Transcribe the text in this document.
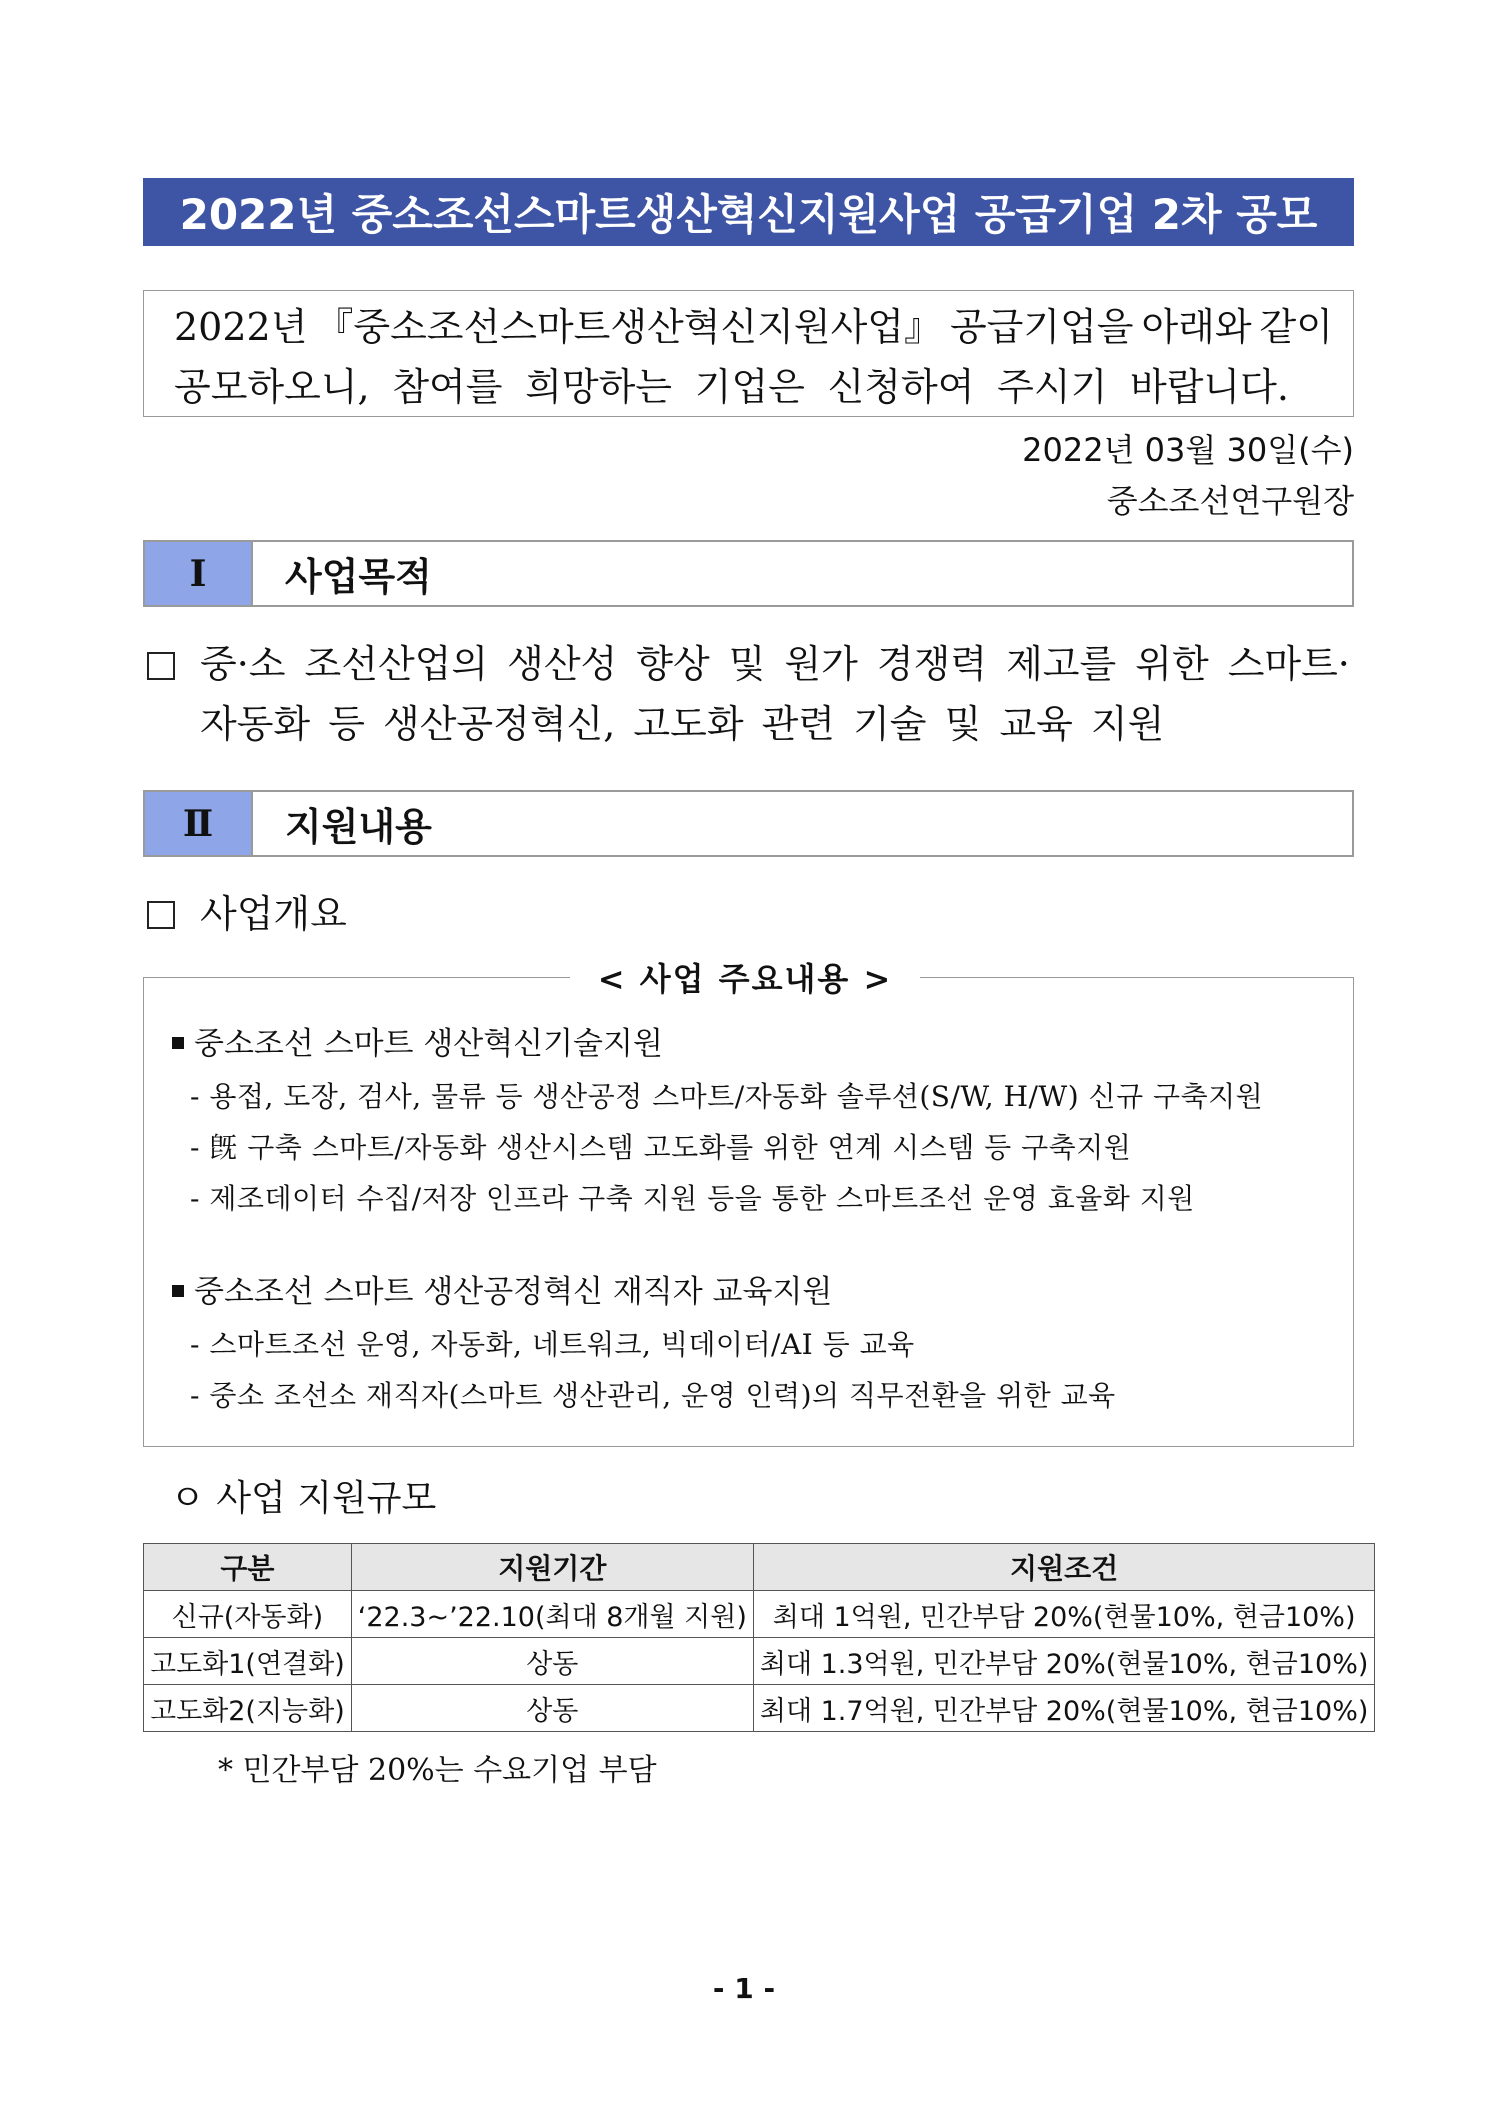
2022년 중소조선스마트생산혁신지원사업 공급기업 2차 공모
2022년 『중소조선스마트생산혁신지원사업』 공급기업을 아래와 같이
공모하오니, 참여를 희망하는 기업은 신청하여 주시기 바랍니다.
2022년 03월 30일(수)
중소조선연구원장
Ⅰ	사업목적
중·소 조선산업의 생산성 향상 및 원가 경쟁력 제고를 위한 스마트·
자동화 등 생산공정혁신, 고도화 관련 기술 및 교육 지원
Ⅱ	지원내용
사업개요
< 사업 주요내용 >
중소조선 스마트 생산혁신기술지원
- 용접, 도장, 검사, 물류 등 생산공정 스마트/자동화 솔루션(S/W, H/W) 신규 구축지원
- 旣 구축 스마트/자동화 생산시스템 고도화를 위한 연계 시스템 등 구축지원
- 제조데이터 수집/저장 인프라 구축 지원 등을 통한 스마트조선 운영 효율화 지원
중소조선 스마트 생산공정혁신 재직자 교육지원
- 스마트조선 운영, 자동화, 네트워크, 빅데이터/AI 등 교육
- 중소 조선소 재직자(스마트 생산관리, 운영 인력)의 직무전환을 위한 교육
ㅇ 사업 지원규모
구분	지원기간	지원조건
신규(자동화)	‘22.3~’22.10(최대 8개월 지원)	최대 1억원, 민간부담 20%(현물10%, 현금10%)
고도화1(연결화)	상동	최대 1.3억원, 민간부담 20%(현물10%, 현금10%)
고도화2(지능화)	상동	최대 1.7억원, 민간부담 20%(현물10%, 현금10%)
* 민간부담 20%는 수요기업 부담
- 1 -
